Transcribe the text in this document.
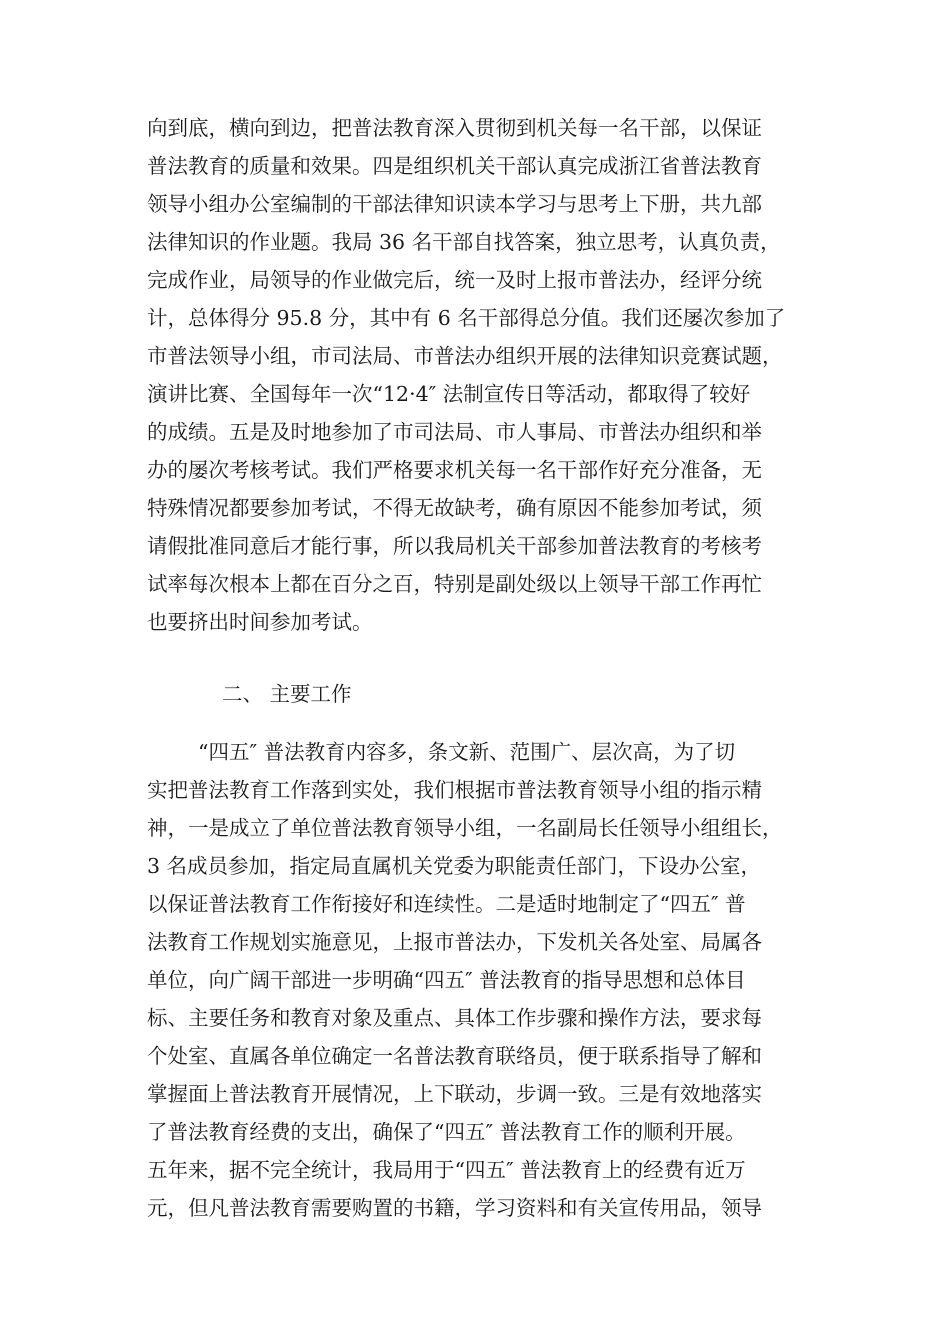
向到底，横向到边，把普法教育深入贯彻到机关每一名干部，以保证
普法教育的质量和效果。四是组织机关干部认真完成浙江省普法教育
领导小组办公室编制的干部法律知识读本学习与思考上下册，共九部
法律知识的作业题。我局 36 名干部自找答案，独立思考，认真负责，
完成作业，局领导的作业做完后，统一及时上报市普法办，经评分统
计，总体得分 95.8 分，其中有 6 名干部得总分值。我们还屡次参加了
市普法领导小组，市司法局、市普法办组织开展的法律知识竞赛试题，
演讲比赛、全国每年一次“12·4″ 法制宣传日等活动，都取得了较好
的成绩。五是及时地参加了市司法局、市人事局、市普法办组织和举
办的屡次考核考试。我们严格要求机关每一名干部作好充分准备，无
特殊情况都要参加考试，不得无故缺考，确有原因不能参加考试，须
请假批准同意后才能行事，所以我局机关干部参加普法教育的考核考
试率每次根本上都在百分之百，特别是副处级以上领导干部工作再忙
也要挤出时间参加考试。
二、 主要工作
“四五″ 普法教育内容多，条文新、范围广、层次高，为了切
实把普法教育工作落到实处，我们根据市普法教育领导小组的指示精
神，一是成立了单位普法教育领导小组，一名副局长任领导小组组长，
3 名成员参加，指定局直属机关党委为职能责任部门，下设办公室，
以保证普法教育工作衔接好和连续性。二是适时地制定了“四五″ 普
法教育工作规划实施意见，上报市普法办，下发机关各处室、局属各
单位，向广阔干部进一步明确“四五″ 普法教育的指导思想和总体目
标、主要任务和教育对象及重点、具体工作步骤和操作方法，要求每
个处室、直属各单位确定一名普法教育联络员，便于联系指导了解和
掌握面上普法教育开展情况，上下联动，步调一致。三是有效地落实
了普法教育经费的支出，确保了“四五″ 普法教育工作的顺利开展。
五年来，据不完全统计，我局用于“四五″ 普法教育上的经费有近万
元，但凡普法教育需要购置的书籍，学习资料和有关宣传用品，领导
